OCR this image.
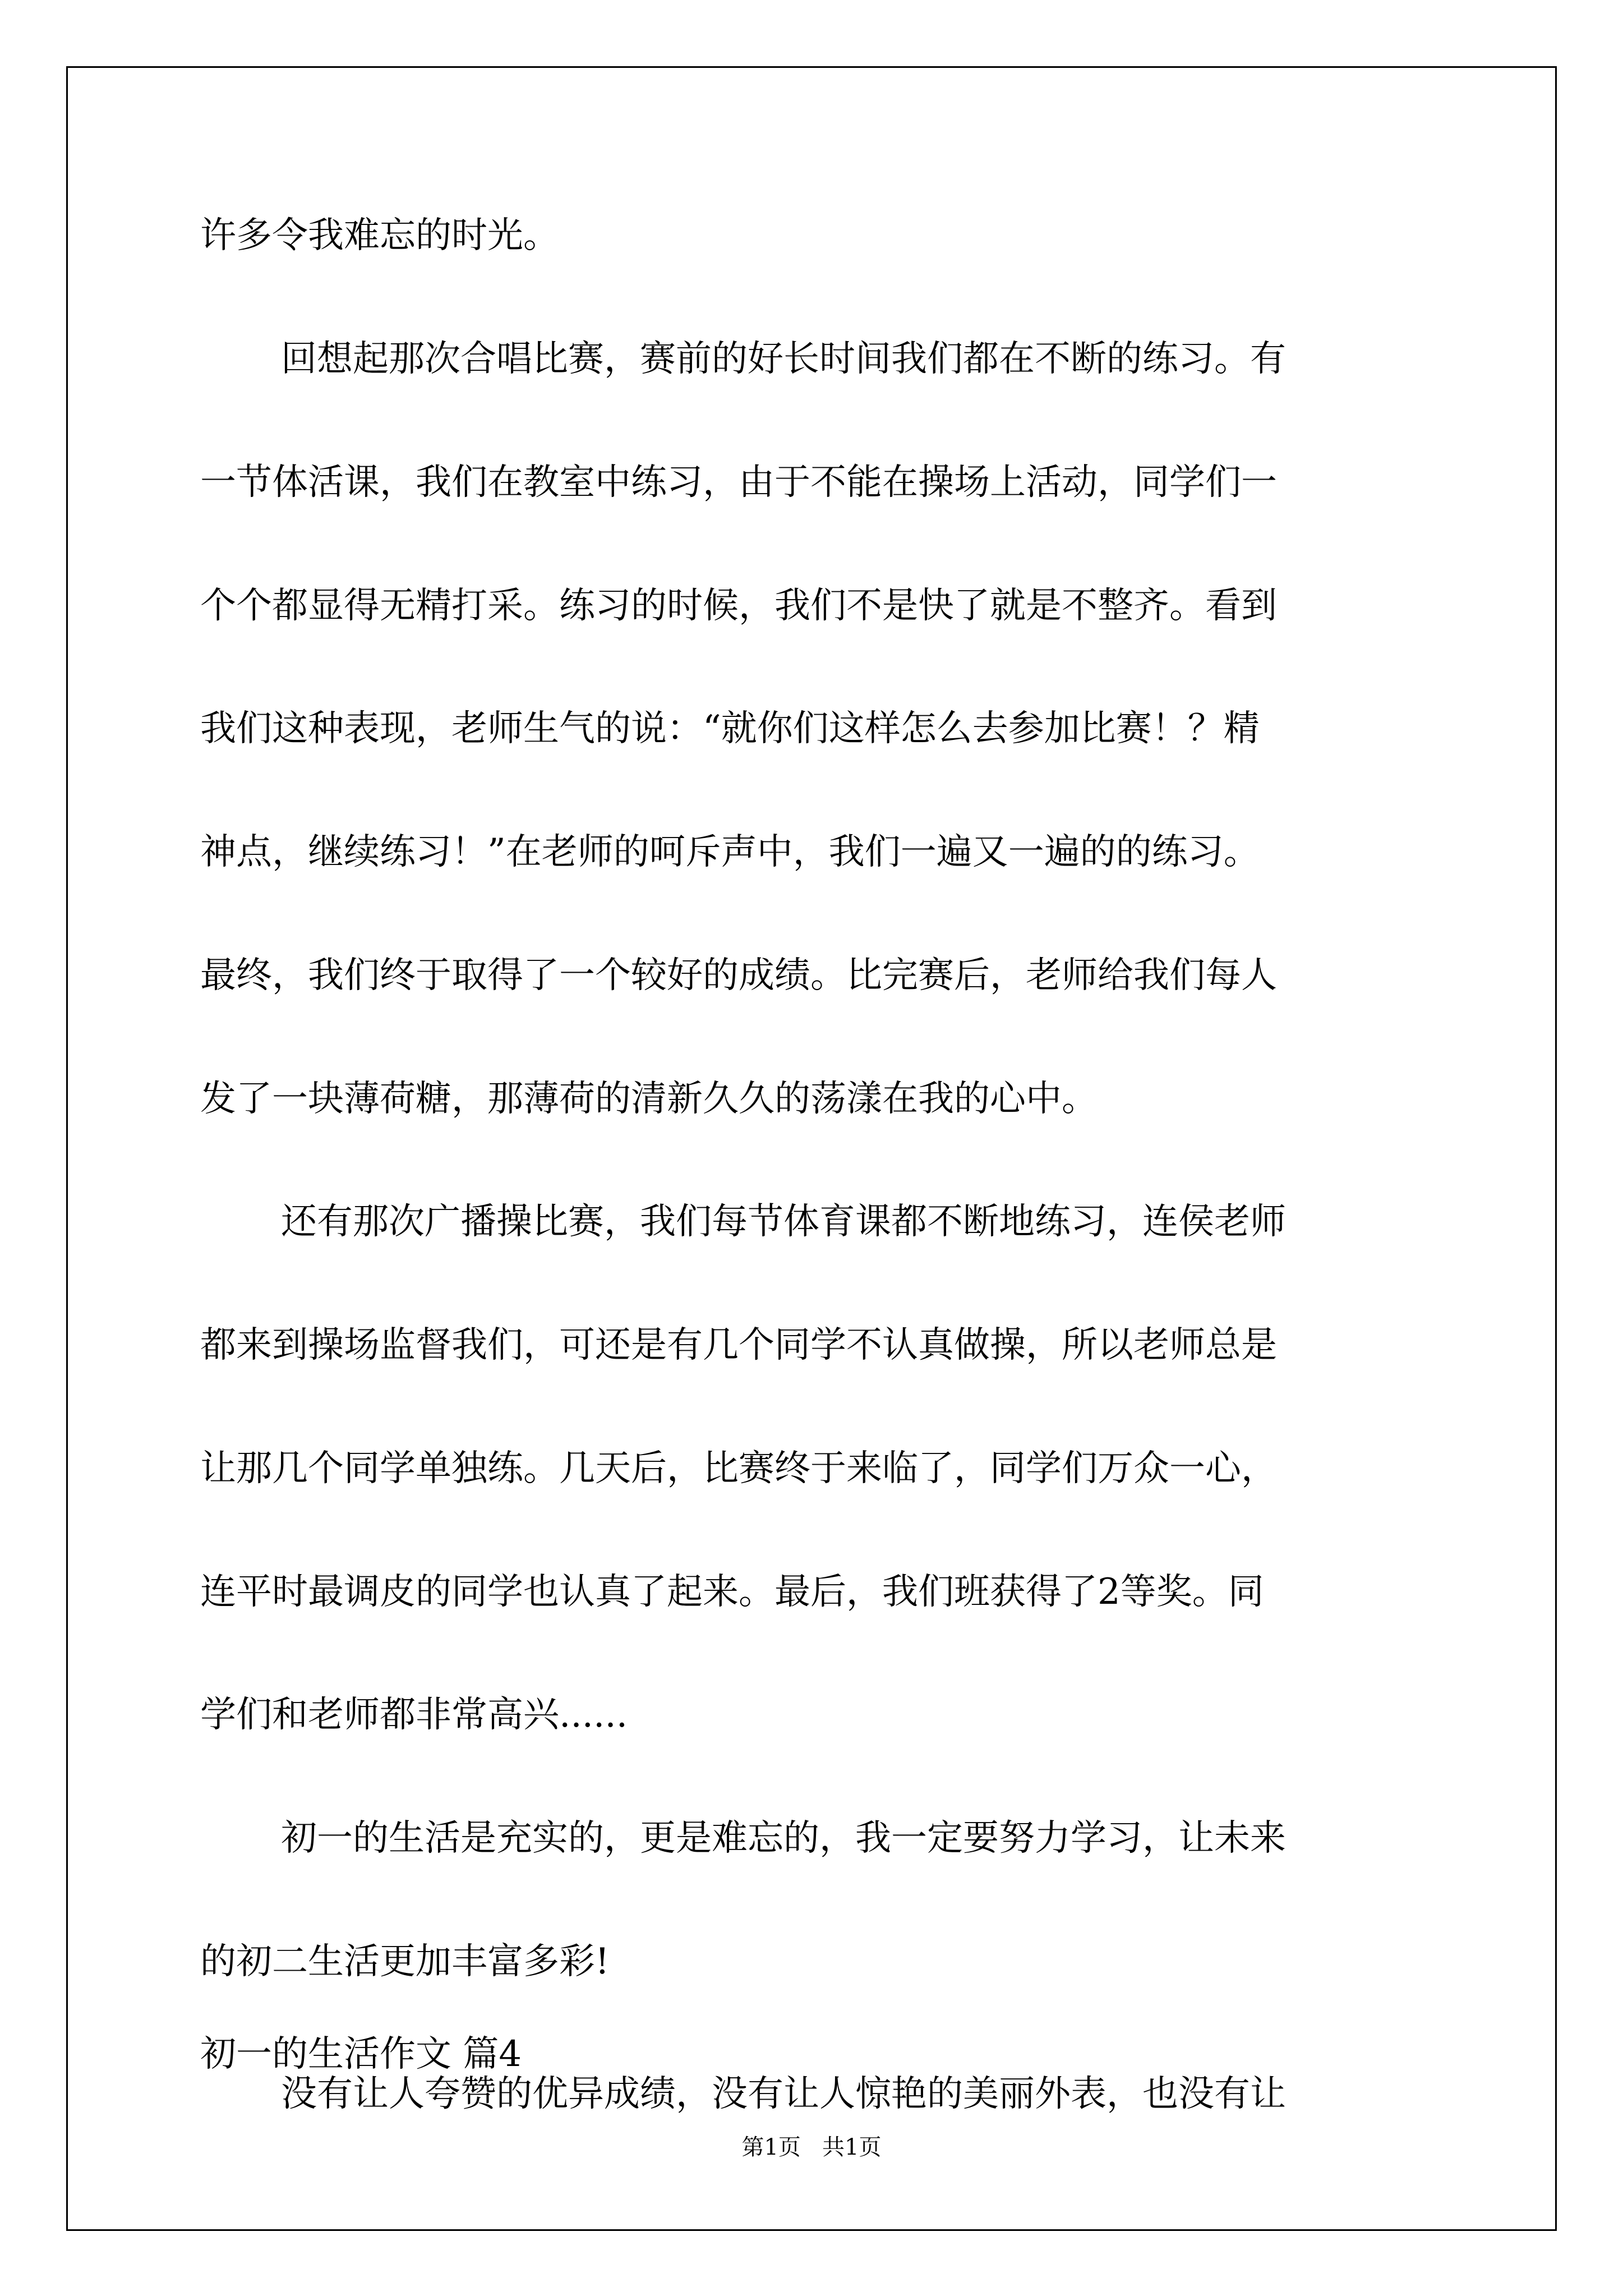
许多令我难忘的时光。
回想起那次合唱比赛，赛前的好长时间我们都在不断的练习。有
一节体活课，我们在教室中练习，由于不能在操场上活动，同学们一
个个都显得无精打采。练习的时候，我们不是快了就是不整齐。看到
我们这种表现，老师生气的说：“就你们这样怎么去参加比赛！？精
神点，继续练习！”在老师的呵斥声中，我们一遍又一遍的的练习。
最终，我们终于取得了一个较好的成绩。比完赛后，老师给我们每人
发了一块薄荷糖，那薄荷的清新久久的荡漾在我的心中。
还有那次广播操比赛，我们每节体育课都不断地练习，连侯老师
都来到操场监督我们，可还是有几个同学不认真做操，所以老师总是
让那几个同学单独练。几天后，比赛终于来临了，同学们万众一心，
连平时最调皮的同学也认真了起来。最后，我们班获得了2等奖。同
学们和老师都非常高兴......
初一的生活是充实的，更是难忘的，我一定要努力学习，让未来
的初二生活更加丰富多彩!
初一的生活作文 篇4
没有让人夸赞的优异成绩，没有让人惊艳的美丽外表，也没有让
第1页   共1页
